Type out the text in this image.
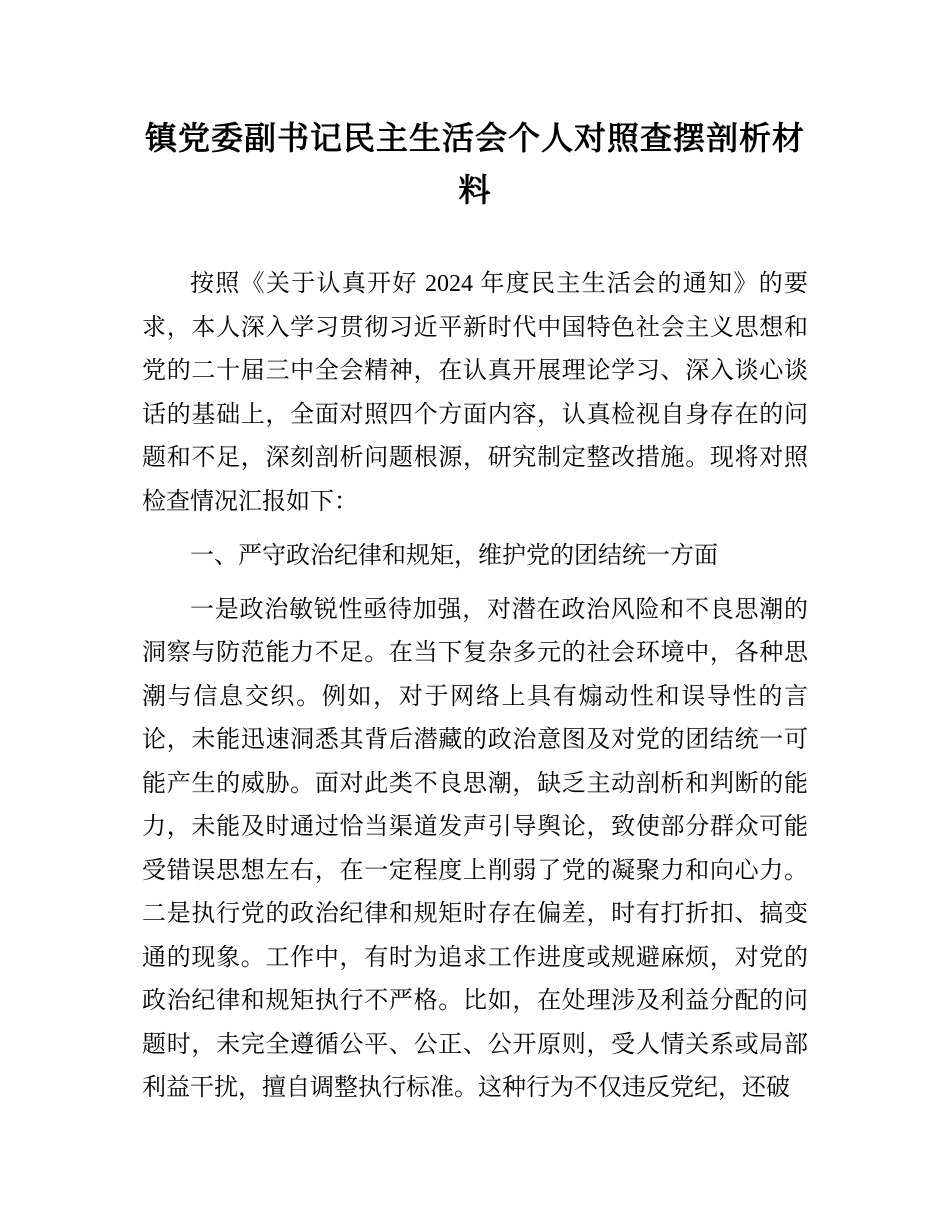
镇党委副书记民主生活会个人对照查摆剖析材料

按照《关于认真开好 2024 年度民主生活会的通知》的要求，本人深入学习贯彻习近平新时代中国特色社会主义思想和党的二十届三中全会精神，在认真开展理论学习、深入谈心谈话的基础上，全面对照四个方面内容，认真检视自身存在的问题和不足，深刻剖析问题根源，研究制定整改措施。现将对照检查情况汇报如下：

一、严守政治纪律和规矩，维护党的团结统一方面

一是政治敏锐性亟待加强，对潜在政治风险和不良思潮的洞察与防范能力不足。在当下复杂多元的社会环境中，各种思潮与信息交织。例如，对于网络上具有煽动性和误导性的言论，未能迅速洞悉其背后潜藏的政治意图及对党的团结统一可能产生的威胁。面对此类不良思潮，缺乏主动剖析和判断的能力，未能及时通过恰当渠道发声引导舆论，致使部分群众可能受错误思想左右，在一定程度上削弱了党的凝聚力和向心力。二是执行党的政治纪律和规矩时存在偏差，时有打折扣、搞变通的现象。工作中，有时为追求工作进度或规避麻烦，对党的政治纪律和规矩执行不严格。比如，在处理涉及利益分配的问题时，未完全遵循公平、公正、公开原则，受人情关系或局部利益干扰，擅自调整执行标准。这种行为不仅违反党纪，还破
